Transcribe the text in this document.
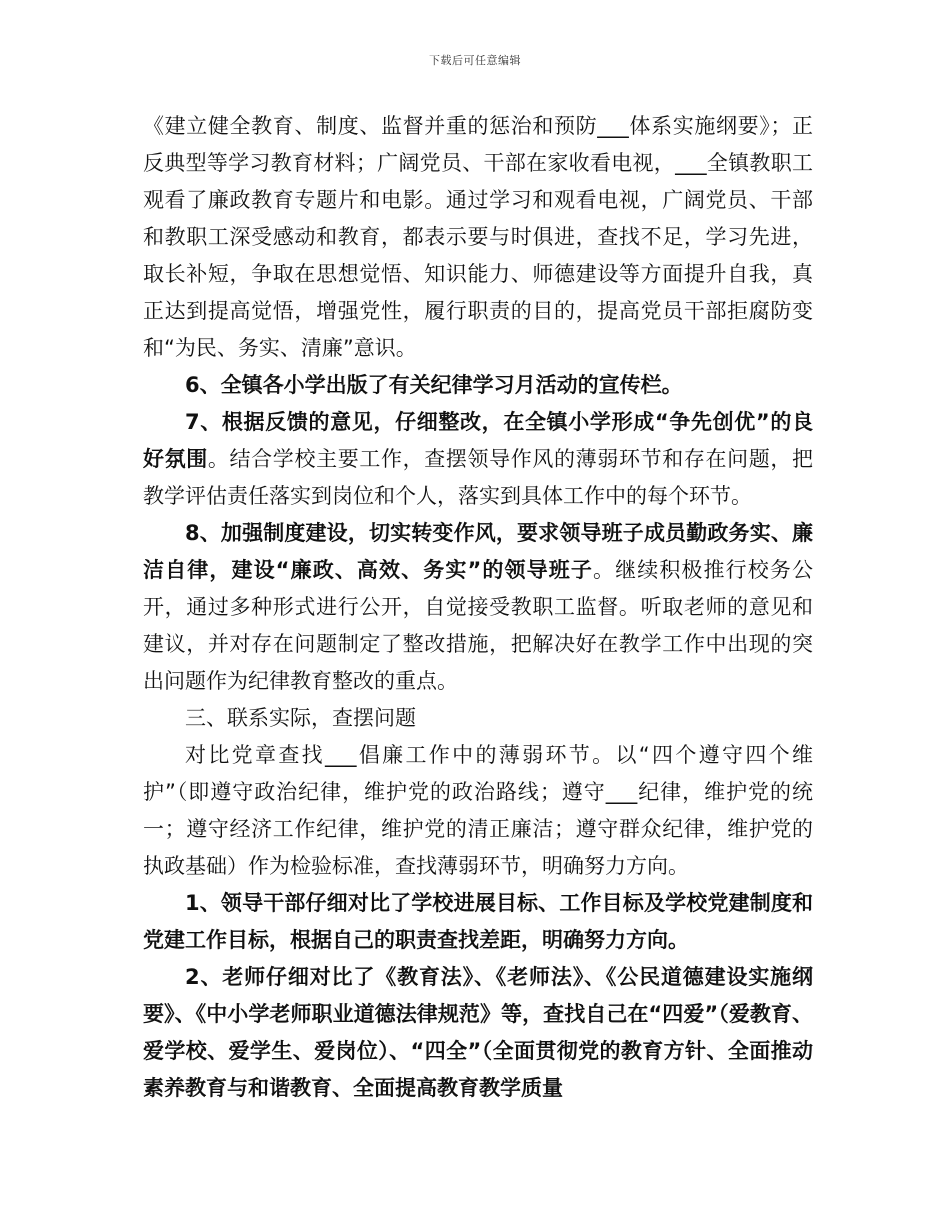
下载后可任意编辑

《建立健全教育、制度、监督并重的惩治和预防___体系实施纲要》；正反典型等学习教育材料；广阔党员、干部在家收看电视，___全镇教职工观看了廉政教育专题片和电影。通过学习和观看电视，广阔党员、干部和教职工深受感动和教育，都表示要与时俱进，查找不足，学习先进，取长补短，争取在思想觉悟、知识能力、师德建设等方面提升自我，真正达到提高觉悟，增强党性，履行职责的目的，提高党员干部拒腐防变和“为民、务实、清廉”意识。

6、全镇各小学出版了有关纪律学习月活动的宣传栏。

7、根据反馈的意见，仔细整改，在全镇小学形成“争先创优”的良好氛围。结合学校主要工作，查摆领导作风的薄弱环节和存在问题，把教学评估责任落实到岗位和个人，落实到具体工作中的每个环节。

8、加强制度建设，切实转变作风，要求领导班子成员勤政务实、廉洁自律，建设“廉政、高效、务实”的领导班子。继续积极推行校务公开，通过多种形式进行公开，自觉接受教职工监督。听取老师的意见和建议，并对存在问题制定了整改措施，把解决好在教学工作中出现的突出问题作为纪律教育整改的重点。

三、联系实际，查摆问题

对比党章查找___倡廉工作中的薄弱环节。以“四个遵守四个维护”（即遵守政治纪律，维护党的政治路线；遵守___纪律，维护党的统一；遵守经济工作纪律，维护党的清正廉洁；遵守群众纪律，维护党的执政基础）作为检验标准，查找薄弱环节，明确努力方向。

1、领导干部仔细对比了学校进展目标、工作目标及学校党建制度和党建工作目标，根据自己的职责查找差距，明确努力方向。

2、老师仔细对比了《教育法》、《老师法》、《公民道德建设实施纲要》、《中小学老师职业道德法律规范》等，查找自己在“四爱”（爱教育、爱学校、爱学生、爱岗位）、“四全”（全面贯彻党的教育方针、全面推动素养教育与和谐教育、全面提高教育教学质量
